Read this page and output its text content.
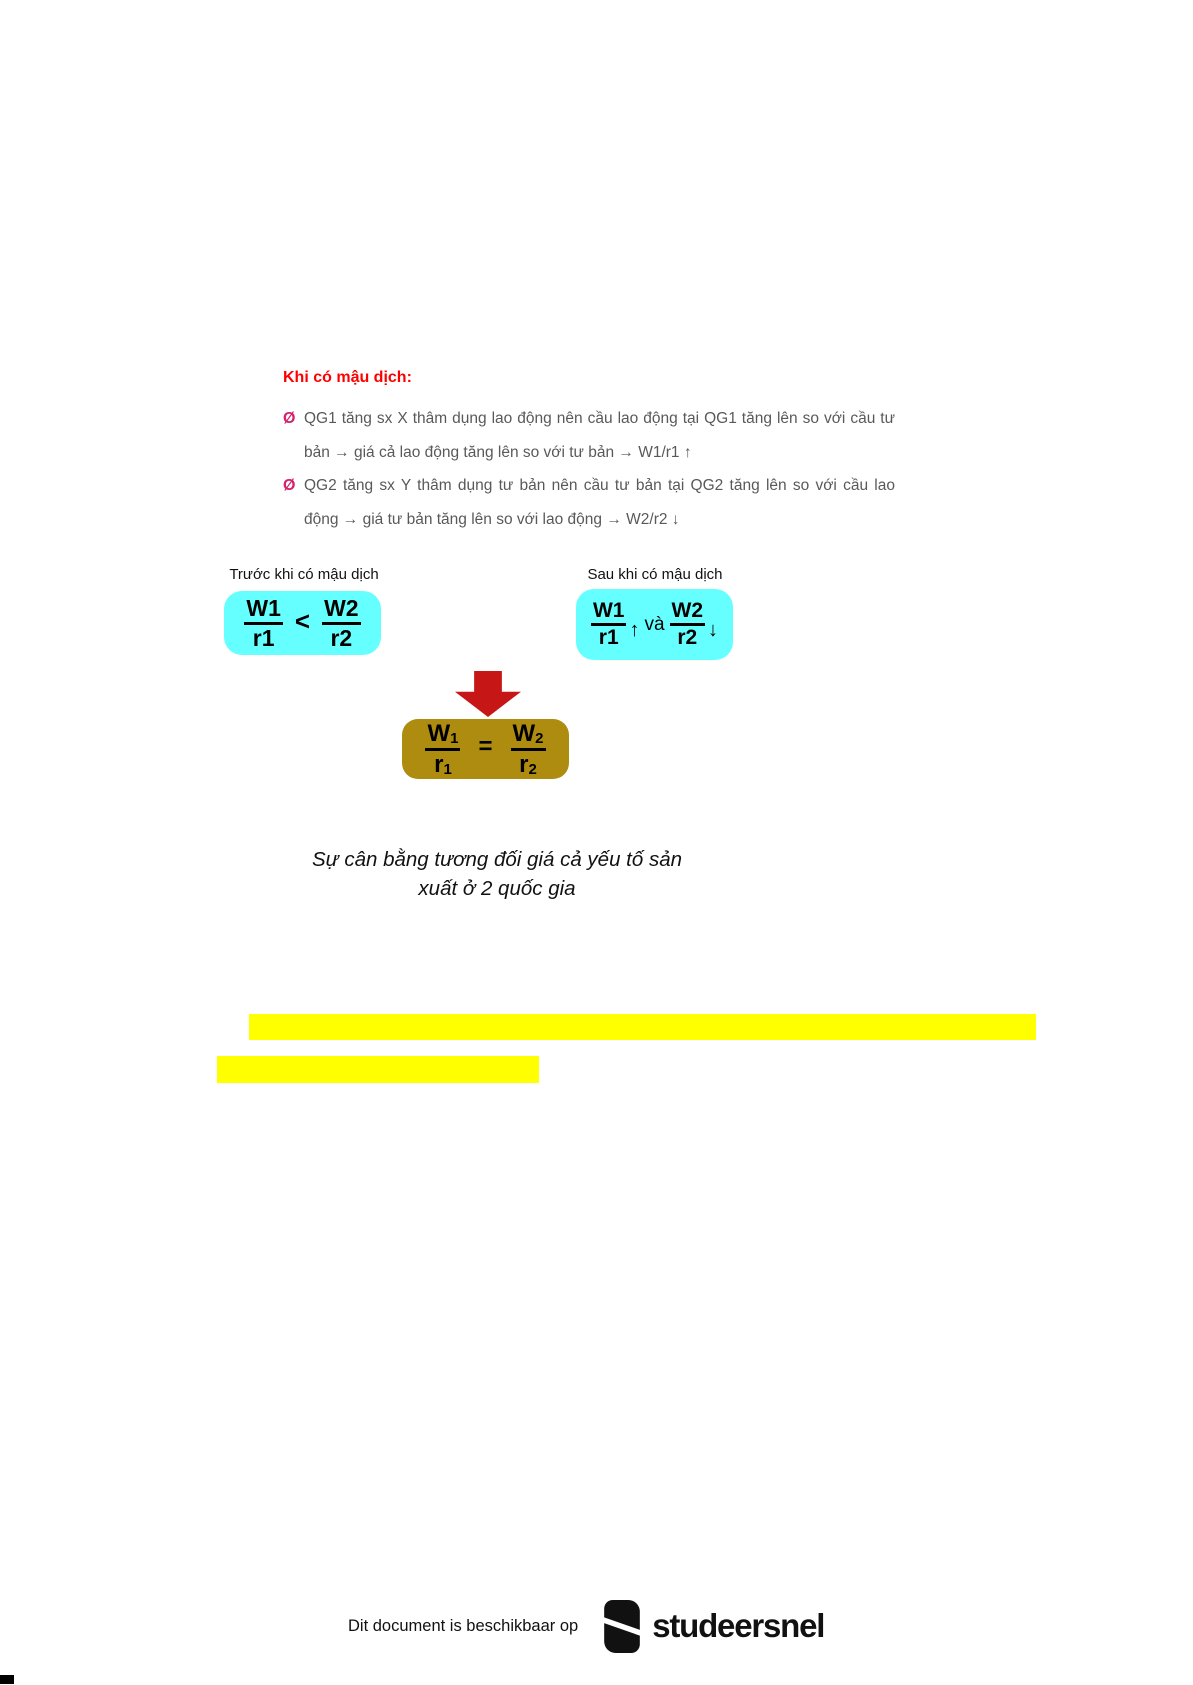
Khi có mậu dịch:
Ø QG1 tăng sx X thâm dụng lao động nên cầu lao động tại QG1 tăng lên so với cầu tư bản → giá cả lao động tăng lên so với tư bản → W1/r1 ↑

Ø QG2 tăng sx Y thâm dụng tư bản nên cầu tư bản tại QG2 tăng lên so với cầu lao động → giá tư bản tăng lên so với lao động → W2/r2 ↓

Trước khi có mậu dịch	Sau khi có mậu dịch
$\frac{W1}{r1} < \frac{W2}{r2}$	$\frac{W1}{r1}$ ↑ và $\frac{W2}{r2}$ ↓
$\frac{W1}{r1} = \frac{W2}{r2}$
Sự cân bằng tương đối giá cả yếu tố sản
xuất ở 2 quốc gia
Dit document is beschikbaar op studeersnel
